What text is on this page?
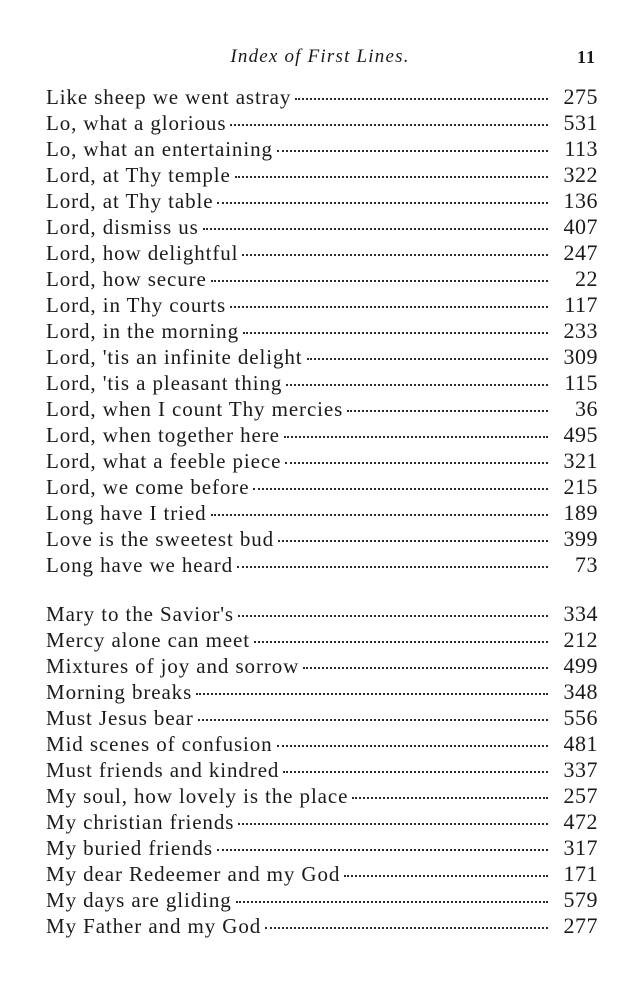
Index of First Lines.	11
Like sheep we went astray	275
Lo, what a glorious	531
Lo, what an entertaining	113
Lord, at Thy temple	322
Lord, at Thy table	136
Lord, dismiss us	407
Lord, how delightful	247
Lord, how secure	22
Lord, in Thy courts	117
Lord, in the morning	233
Lord, 'tis an infinite delight	309
Lord, 'tis a pleasant thing	115
Lord, when I count Thy mercies	36
Lord, when together here	495
Lord, what a feeble piece	321
Lord, we come before	215
Long have I tried	189
Love is the sweetest bud	399
Long have we heard	73
Mary to the Savior's	334
Mercy alone can meet	212
Mixtures of joy and sorrow	499
Morning breaks	348
Must Jesus bear	556
Mid scenes of confusion	481
Must friends and kindred	337
My soul, how lovely is the place	257
My christian friends	472
My buried friends	317
My dear Redeemer and my God	171
My days are gliding	579
My Father and my God	277
